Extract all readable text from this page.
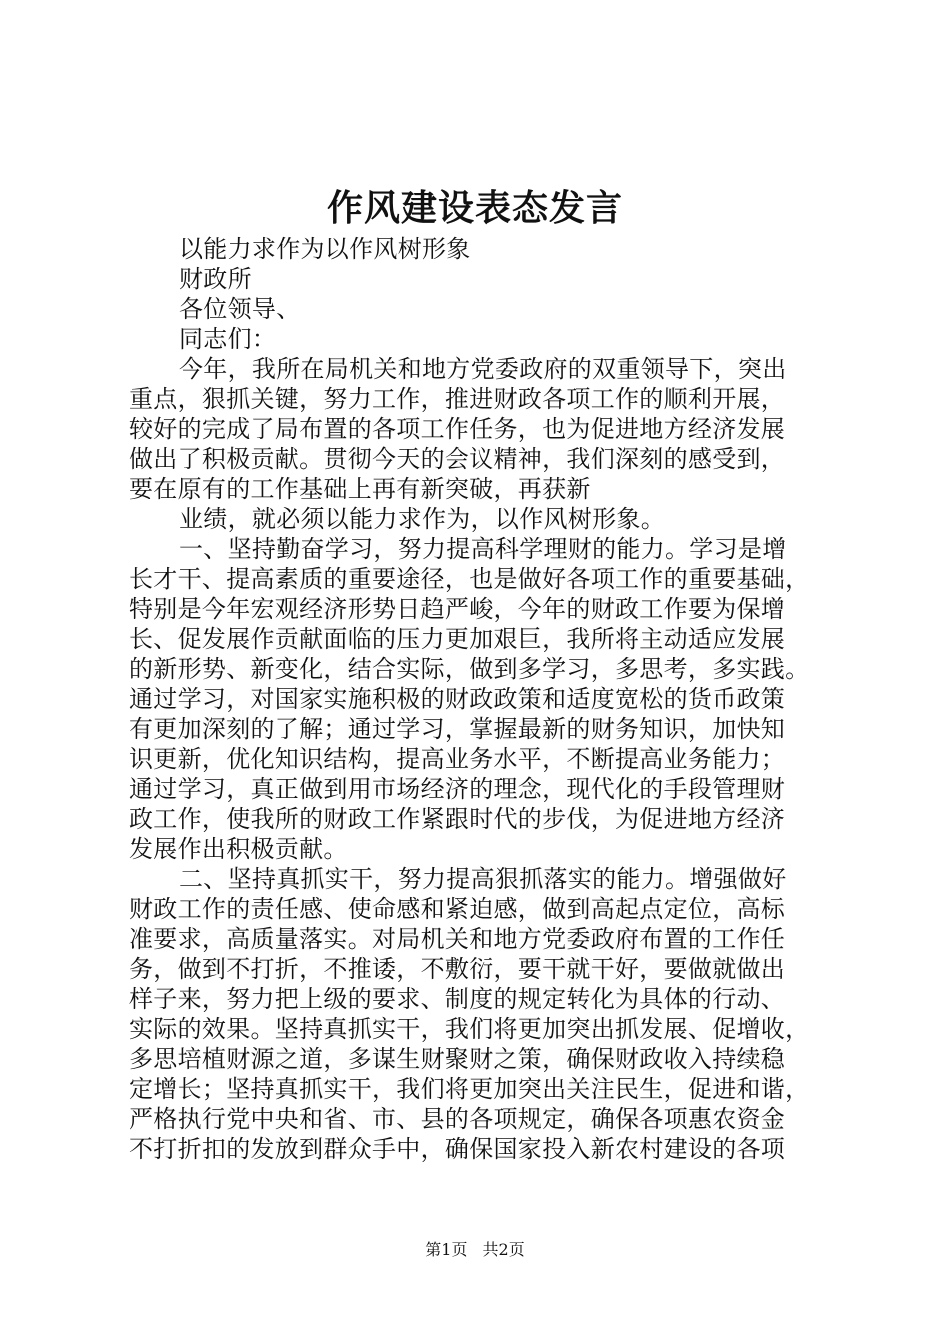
作风建设表态发言
以能力求作为以作风树形象
财政所
各位领导、
同志们：
今年，我所在局机关和地方党委政府的双重领导下，突出
重点，狠抓关键，努力工作，推进财政各项工作的顺利开展，
较好的完成了局布置的各项工作任务，也为促进地方经济发展
做出了积极贡献。贯彻今天的会议精神，我们深刻的感受到，
要在原有的工作基础上再有新突破，再获新
业绩，就必须以能力求作为，以作风树形象。
一、坚持勤奋学习，努力提高科学理财的能力。学习是增
长才干、提高素质的重要途径，也是做好各项工作的重要基础，
特别是今年宏观经济形势日趋严峻，今年的财政工作要为保增
长、促发展作贡献面临的压力更加艰巨，我所将主动适应发展
的新形势、新变化，结合实际，做到多学习，多思考，多实践。
通过学习，对国家实施积极的财政政策和适度宽松的货币政策
有更加深刻的了解；通过学习，掌握最新的财务知识，加快知
识更新，优化知识结构，提高业务水平，不断提高业务能力；
通过学习，真正做到用市场经济的理念，现代化的手段管理财
政工作，使我所的财政工作紧跟时代的步伐，为促进地方经济
发展作出积极贡献。
二、坚持真抓实干，努力提高狠抓落实的能力。增强做好
财政工作的责任感、使命感和紧迫感，做到高起点定位，高标
准要求，高质量落实。对局机关和地方党委政府布置的工作任
务，做到不打折，不推诿，不敷衍，要干就干好，要做就做出
样子来，努力把上级的要求、制度的规定转化为具体的行动、
实际的效果。坚持真抓实干，我们将更加突出抓发展、促增收，
多思培植财源之道，多谋生财聚财之策，确保财政收入持续稳
定增长；坚持真抓实干，我们将更加突出关注民生，促进和谐，
严格执行党中央和省、市、县的各项规定，确保各项惠农资金
不打折扣的发放到群众手中，确保国家投入新农村建设的各项
第1页 共2页
